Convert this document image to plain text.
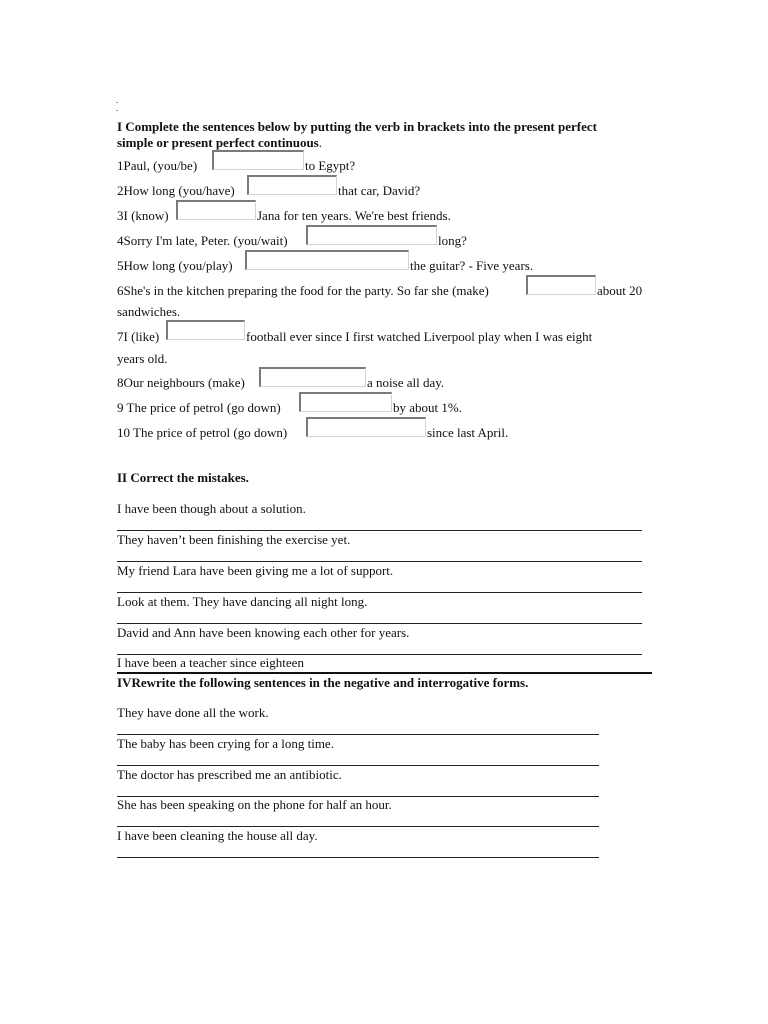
.
.
I Complete the sentences below by putting the verb in brackets into the present perfect
simple or present perfect continuous.
1Paul, (you/be)	to Egypt?
2How long (you/have)	that car, David?
3I (know)	Jana for ten years. We're best friends.
4Sorry I'm late, Peter. (you/wait)	long?
5How long (you/play)	the guitar? - Five years.
6She's in the kitchen preparing the food for the party. So far she (make)	about 20
sandwiches.
7I (like)	football ever since I first watched Liverpool play when I was eight
years old.
8Our neighbours (make)	a noise all day.
9 The price of petrol (go down)	by about 1%.
10 The price of petrol (go down)	since last April.
II Correct the mistakes.
I have been though about a solution.
They haven’t been finishing the exercise yet.
My friend Lara have been giving me a lot of support.
Look at them. They have dancing all night long.
David and Ann have been knowing each other for years.
I have been a teacher since eighteen
IVRewrite the following sentences in the negative and interrogative forms.
They have done all the work.
The baby has been crying for a long time.
The doctor has prescribed me an antibiotic.
She has been speaking on the phone for half an hour.
I have been cleaning the house all day.
